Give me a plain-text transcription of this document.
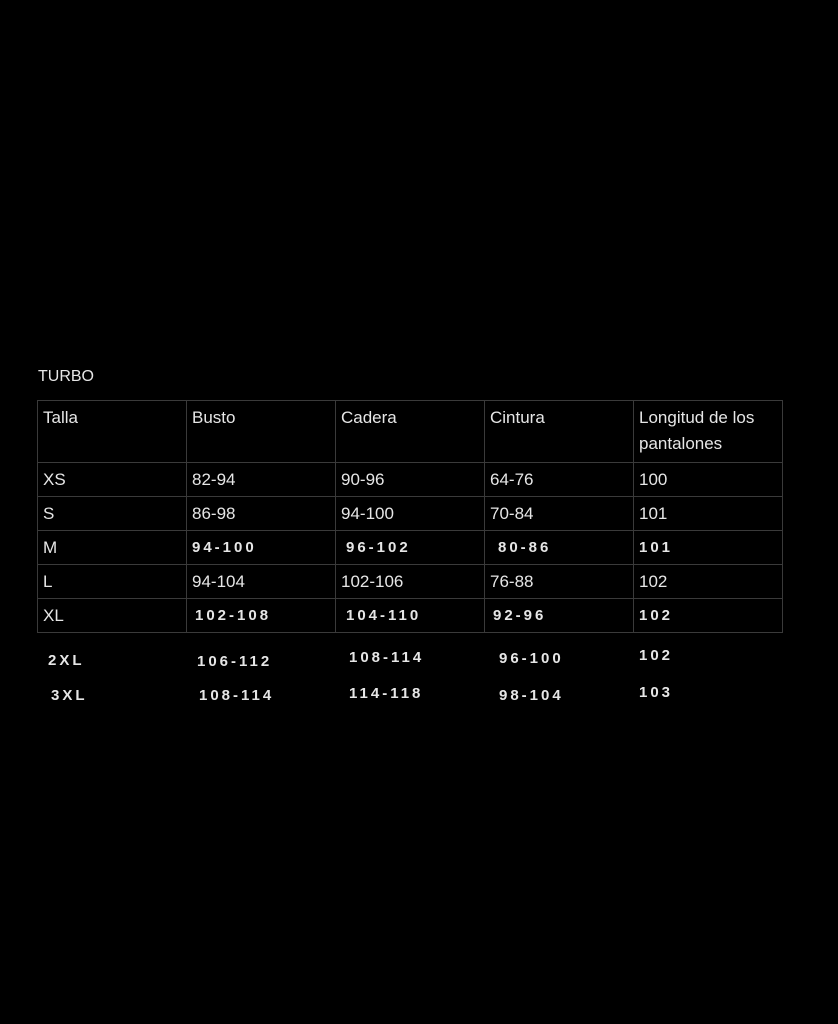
TURBO
Talla	Busto	Cadera	Cintura	Longitud de los pantalones
XS	82-94	90-96	64-76	100
S	86-98	94-100	70-84	101
M	94-100	96-102	80-86	101
L	94-104	102-106	76-88	102
XL	102-108	104-110	92-96	102
2XL	106-112	108-114	96-100	102
3XL	108-114	114-118	98-104	103
